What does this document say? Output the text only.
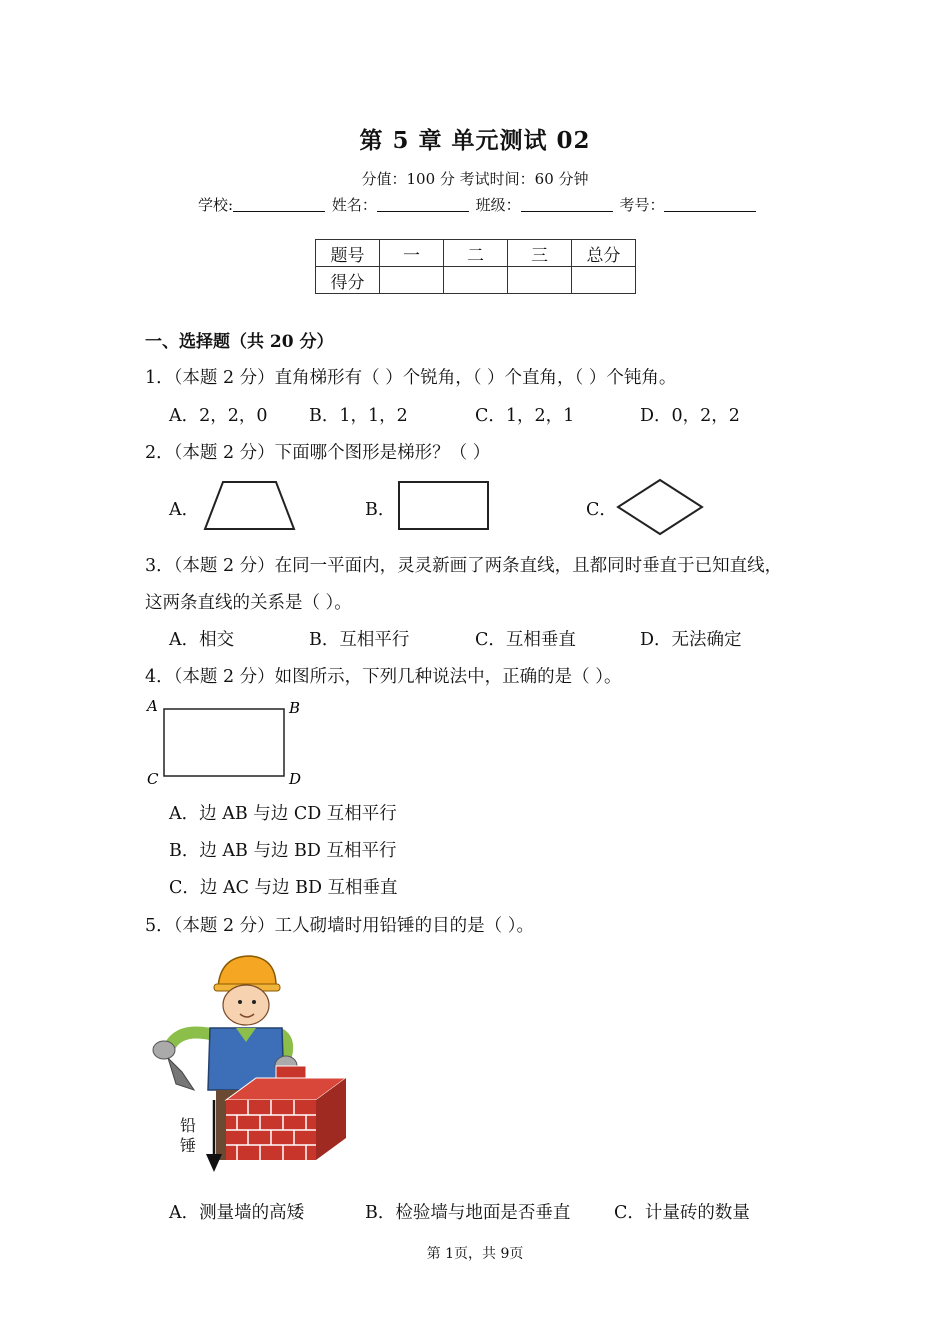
第 5 章 单元测试 02
分值：100 分 考试时间：60 分钟
学校:	姓名：	班级：	考号：
题号	一	二	三	总分
得分				
一、选择题（共 20 分）
1．（本题 2 分）直角梯形有（ ）个锐角，（ ）个直角，（ ）个钝角。
A．2，2，0 B．1，1，2	C．1，2，1	D．0，2，2
2．（本题 2 分）下面哪个图形是梯形？（ ）
A．	B．	C．
3．（本题 2 分）在同一平面内，灵灵新画了两条直线，且都同时垂直于已知直线，
这两条直线的关系是（ ）。
A．相交	B．互相平行	C．互相垂直	D．无法确定
4．（本题 2 分）如图所示，下列几种说法中，正确的是（ ）。
A	B
C	D
A．边 AB 与边 CD 互相平行
B．边 AB 与边 BD 互相平行
C．边 AC 与边 BD 互相垂直
5．（本题 2 分）工人砌墙时用铅锤的目的是（ ）。
铅锤
A．测量墙的高矮	B．检验墙与地面是否垂直 C．计量砖的数量
第 1页，共 9页
